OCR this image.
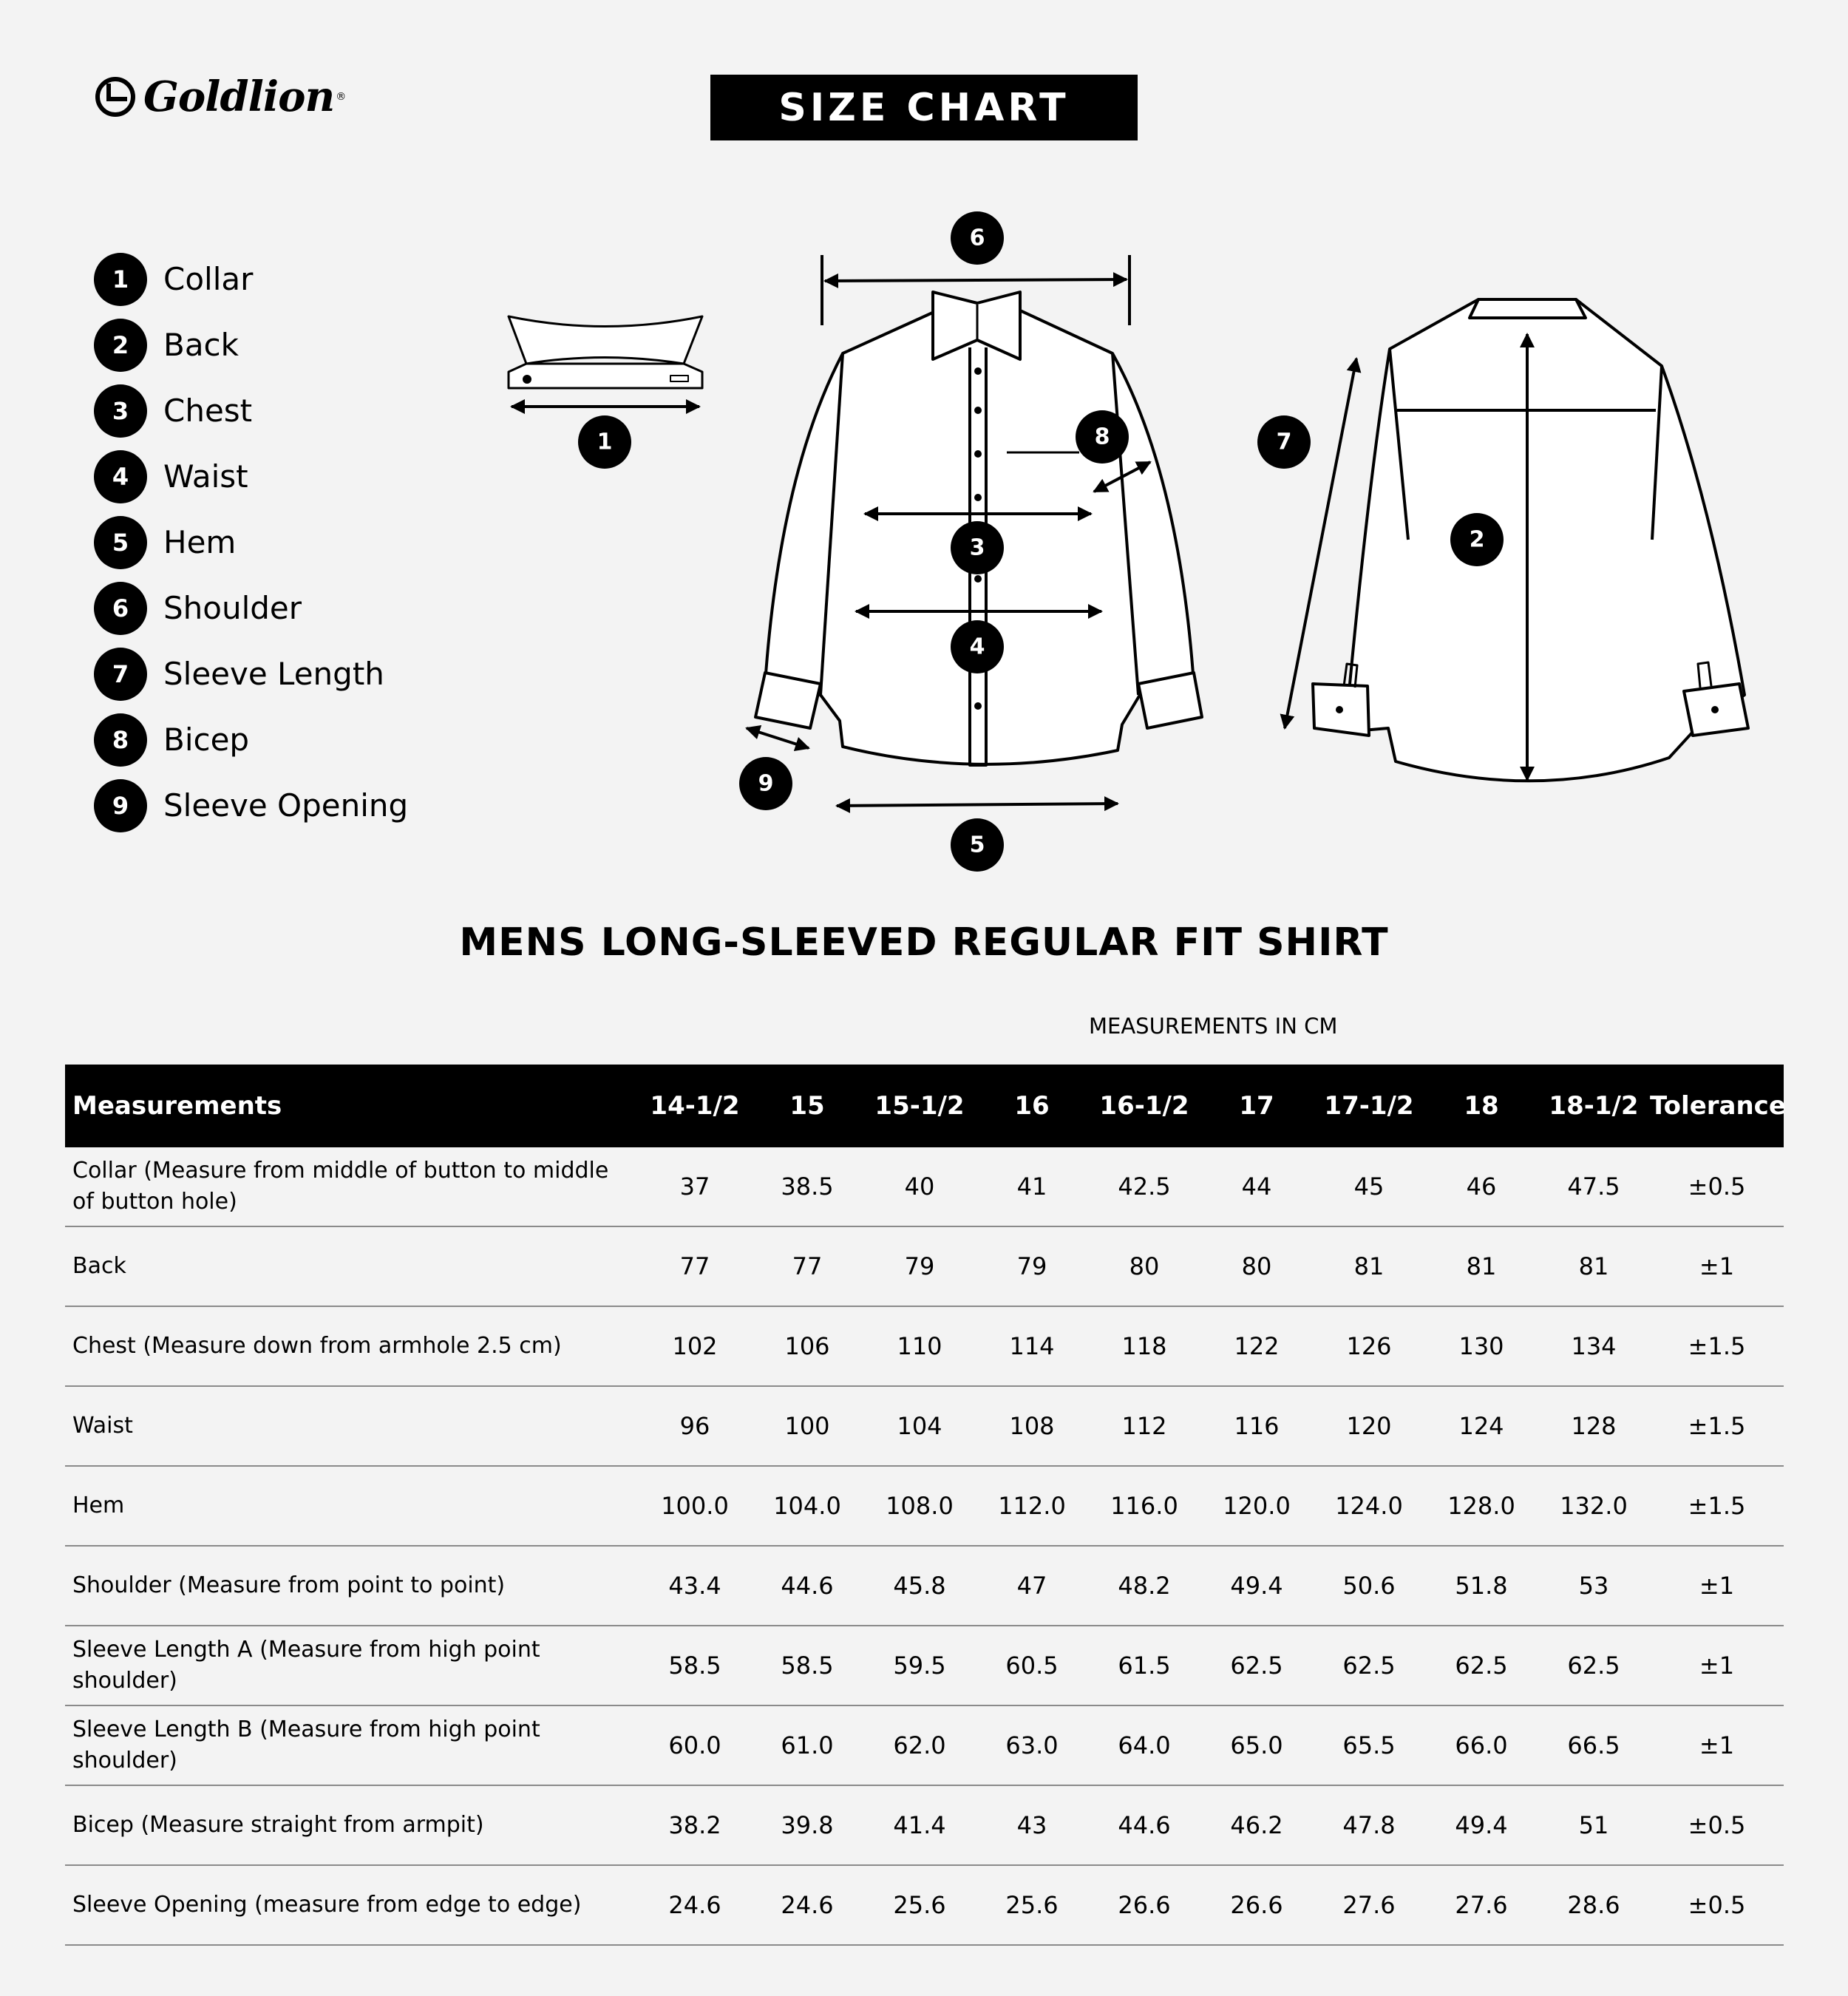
Goldlion ®	SIZE CHART
1	Collar
2	Back
3	Chest
4	Waist
5	Hem
6	Shoulder
7	Sleeve Length
8	Bicep
9	Sleeve Opening
1
6
8
3
4
9
5
7
2
MENS LONG-SLEEVED REGULAR FIT SHIRT
MEASUREMENTS IN CM
Measurements	14-1/2	15	15-1/2	16	16-1/2	17	17-1/2	18	18-1/2	Tolerance
Collar (Measure from middle of button to middle of button hole)	37	38.5	40	41	42.5	44	45	46	47.5	±0.5
Back	77	77	79	79	80	80	81	81	81	±1
Chest (Measure down from armhole 2.5 cm)	102	106	110	114	118	122	126	130	134	±1.5
Waist	96	100	104	108	112	116	120	124	128	±1.5
Hem	100.0	104.0	108.0	112.0	116.0	120.0	124.0	128.0	132.0	±1.5
Shoulder (Measure from point to point)	43.4	44.6	45.8	47	48.2	49.4	50.6	51.8	53	±1
Sleeve Length A (Measure from high point shoulder)	58.5	58.5	59.5	60.5	61.5	62.5	62.5	62.5	62.5	±1
Sleeve Length B (Measure from high point shoulder)	60.0	61.0	62.0	63.0	64.0	65.0	65.5	66.0	66.5	±1
Bicep (Measure straight from armpit)	38.2	39.8	41.4	43	44.6	46.2	47.8	49.4	51	±0.5
Sleeve Opening (measure from edge to edge)	24.6	24.6	25.6	25.6	26.6	26.6	27.6	27.6	28.6	±0.5
